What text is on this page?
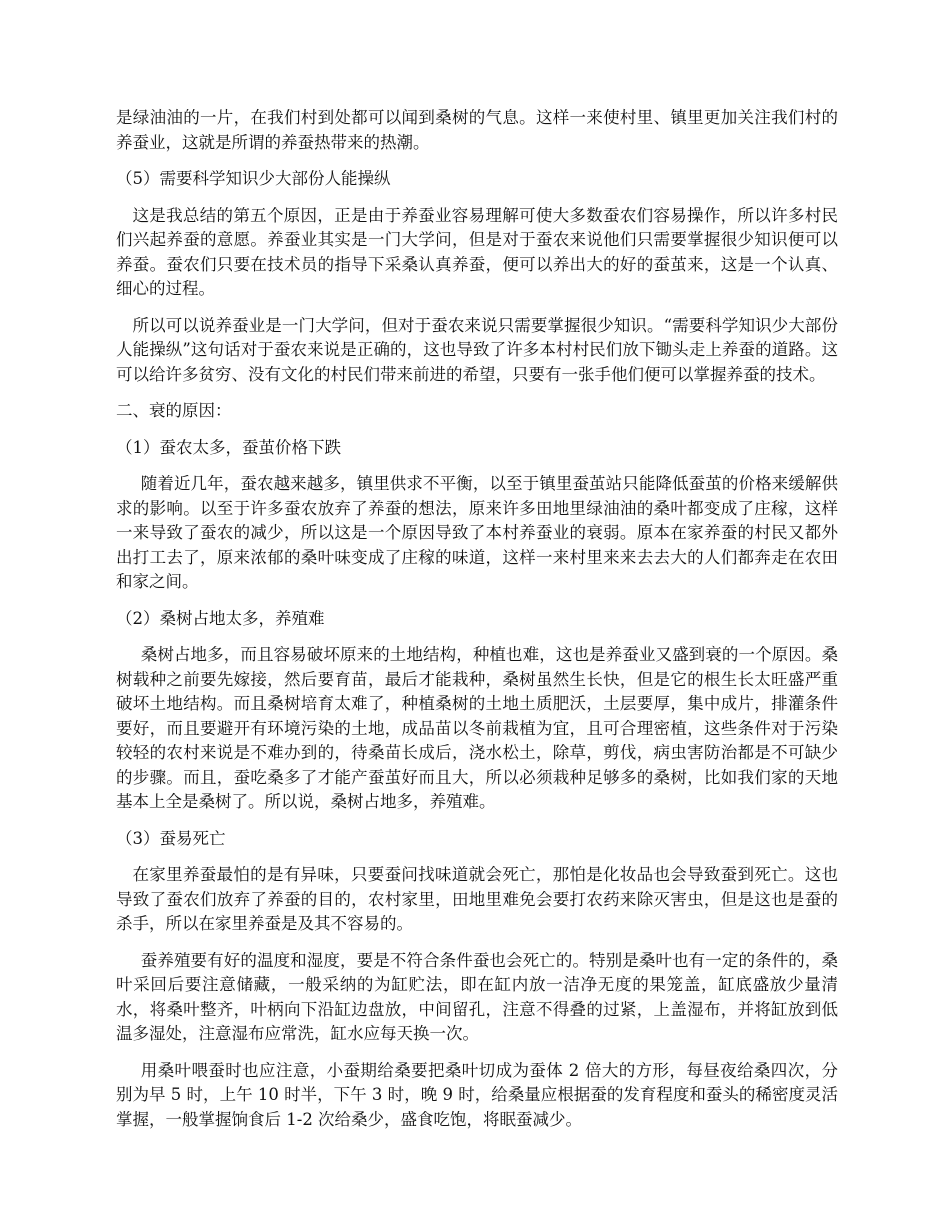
是绿油油的一片，在我们村到处都可以闻到桑树的气息。这样一来使村里、镇里更加关注我们村的养蚕业，这就是所谓的养蚕热带来的热潮。

（5）需要科学知识少大部份人能操纵

这是我总结的第五个原因，正是由于养蚕业容易理解可使大多数蚕农们容易操作，所以许多村民们兴起养蚕的意愿。养蚕业其实是一门大学问，但是对于蚕农来说他们只需要掌握很少知识便可以养蚕。蚕农们只要在技术员的指导下采桑认真养蚕，便可以养出大的好的蚕茧来，这是一个认真、细心的过程。

所以可以说养蚕业是一门大学问，但对于蚕农来说只需要掌握很少知识。“需要科学知识少大部份人能操纵”这句话对于蚕农来说是正确的，这也导致了许多本村村民们放下锄头走上养蚕的道路。这可以给许多贫穷、没有文化的村民们带来前进的希望，只要有一张手他们便可以掌握养蚕的技术。

二、衰的原因：

（1）蚕农太多，蚕茧价格下跌

随着近几年，蚕农越来越多，镇里供求不平衡，以至于镇里蚕茧站只能降低蚕茧的价格来缓解供求的影响。以至于许多蚕农放弃了养蚕的想法，原来许多田地里绿油油的桑叶都变成了庄稼，这样一来导致了蚕农的减少，所以这是一个原因导致了本村养蚕业的衰弱。原本在家养蚕的村民又都外出打工去了，原来浓郁的桑叶味变成了庄稼的味道，这样一来村里来来去去大的人们都奔走在农田和家之间。

（2）桑树占地太多，养殖难

桑树占地多，而且容易破坏原来的土地结构，种植也难，这也是养蚕业又盛到衰的一个原因。桑树载种之前要先嫁接，然后要育苗，最后才能栽种，桑树虽然生长快，但是它的根生长太旺盛严重破坏土地结构。而且桑树培育太难了，种植桑树的土地土质肥沃，土层要厚，集中成片，排灌条件要好，而且要避开有环境污染的土地，成品苗以冬前栽植为宜，且可合理密植，这些条件对于污染较轻的农村来说是不难办到的，待桑苗长成后，浇水松土，除草，剪伐，病虫害防治都是不可缺少的步骤。而且，蚕吃桑多了才能产蚕茧好而且大，所以必须栽种足够多的桑树，比如我们家的天地基本上全是桑树了。所以说，桑树占地多，养殖难。

（3）蚕易死亡

在家里养蚕最怕的是有异味，只要蚕问找味道就会死亡，那怕是化妆品也会导致蚕到死亡。这也导致了蚕农们放弃了养蚕的目的，农村家里，田地里难免会要打农药来除灭害虫，但是这也是蚕的杀手，所以在家里养蚕是及其不容易的。

蚕养殖要有好的温度和湿度，要是不符合条件蚕也会死亡的。特别是桑叶也有一定的条件的，桑叶采回后要注意储藏，一般采纳的为缸贮法，即在缸内放一洁净无度的果笼盖，缸底盛放少量清水，将桑叶整齐，叶柄向下沿缸边盘放，中间留孔，注意不得叠的过紧，上盖湿布，并将缸放到低温多湿处，注意湿布应常洗，缸水应每天换一次。

用桑叶喂蚕时也应注意，小蚕期给桑要把桑叶切成为蚕体 2 倍大的方形，每昼夜给桑四次，分别为早 5 时，上午 10 时半，下午 3 时，晚 9 时，给桑量应根据蚕的发育程度和蚕头的稀密度灵活掌握，一般掌握饷食后 1-2 次给桑少，盛食吃饱，将眠蚕减少。
